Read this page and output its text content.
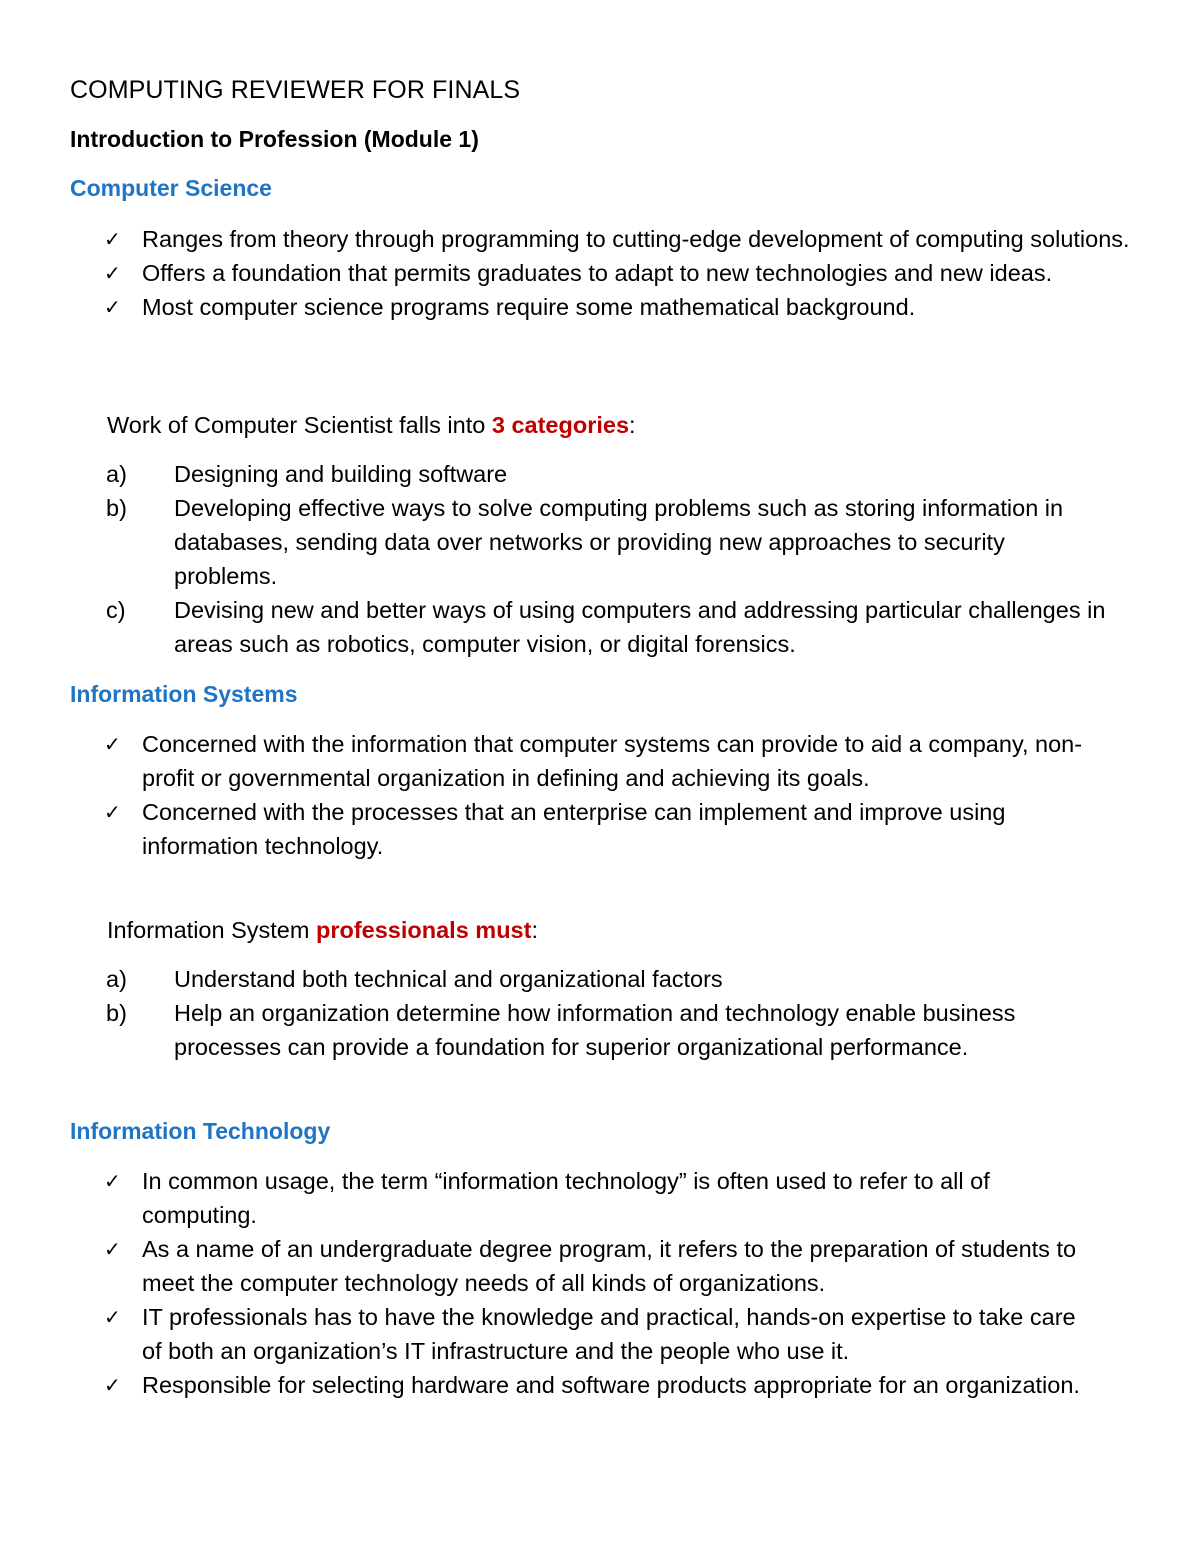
COMPUTING REVIEWER FOR FINALS
Introduction to Profession (Module 1)
Computer Science
✓ Ranges from theory through programming to cutting-edge development of computing solutions.
✓ Offers a foundation that permits graduates to adapt to new technologies and new ideas.
✓ Most computer science programs require some mathematical background.

Work of Computer Scientist falls into 3 categories:

a)	Designing and building software
b)	Developing effective ways to solve computing problems such as storing information in databases, sending data over networks or providing new approaches to security problems.
c)	Devising new and better ways of using computers and addressing particular challenges in areas such as robotics, computer vision, or digital forensics.
Information Systems
✓ Concerned with the information that computer systems can provide to aid a company, non-profit or governmental organization in defining and achieving its goals.
✓ Concerned with the processes that an enterprise can implement and improve using information technology.

Information System professionals must:

a)	Understand both technical and organizational factors
b)	Help an organization determine how information and technology enable business processes can provide a foundation for superior organizational performance.
Information Technology
✓ In common usage, the term “information technology” is often used to refer to all of computing.
✓ As a name of an undergraduate degree program, it refers to the preparation of students to meet the computer technology needs of all kinds of organizations.
✓ IT professionals has to have the knowledge and practical, hands-on expertise to take care of both an organization’s IT infrastructure and the people who use it.
✓ Responsible for selecting hardware and software products appropriate for an organization.
